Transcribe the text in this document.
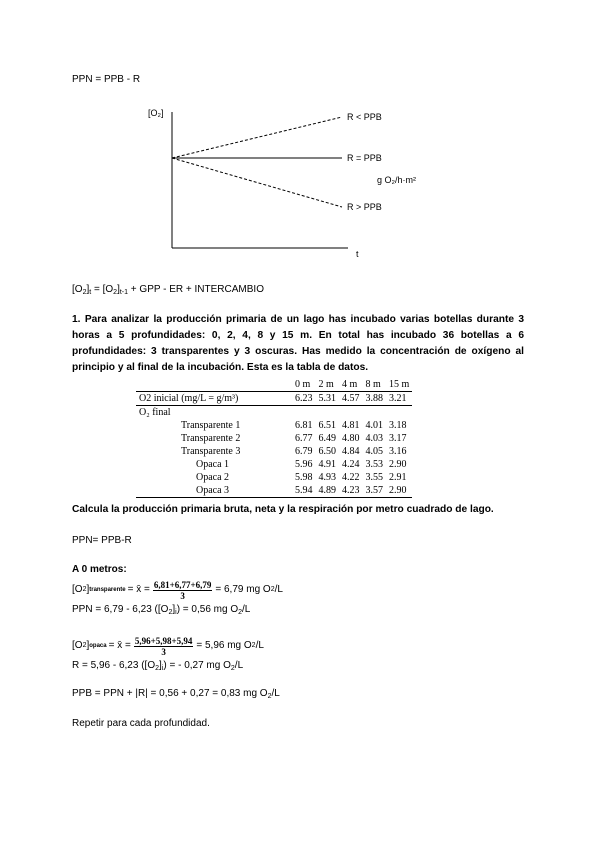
PPN = PPB - R
[O₂]
t
R < PPB
R = PPB
R > PPB
g O₂/h·m²
$[O_2]_t = [O_2]_{t-1}$ + GPP - ER + INTERCAMBIO
1. Para analizar la producción primaria de un lago has incubado varias botellas durante 3 horas a 5 profundidades: 0, 2, 4, 8 y 15 m. En total has incubado 36 botellas a 6 profundidades: 3 transparentes y 3 oscuras. Has medido la concentración de oxígeno al principio y al final de la incubación. Esta es la tabla de datos.
	0 m	2 m	4 m	8 m	15 m
O2 inicial (mg/L = g/m³)	6.23	5.31	4.57	3.88	3.21
O₂ final					
Transparente 1	6.81	6.51	4.81	4.01	3.18
Transparente 2	6.77	6.49	4.80	4.03	3.17
Transparente 3	6.79	6.50	4.84	4.05	3.16
Opaca 1	5.96	4.91	4.24	3.53	2.90
Opaca 2	5.98	4.93	4.22	3.55	2.91
Opaca 3	5.94	4.89	4.23	3.57	2.90
Calcula la producción primaria bruta, neta y la respiración por metro cuadrado de lago.
PPN= PPB-R
A 0 metros:
[O 2 ] transparente = x̄ = $\frac{6,81+6,77+6,79}{3} = 6,79$ mg O 2 /L
PPN = 6,79 - 6,23 $([O_2]_i) = 0,56$ mg $O_2/L$
[O 2 ] opaca = x̄ = $\frac{5,96+5,98+5,94}{3} = 5,96$ mg O 2 /L
R = 5,96 - 6,23 $([O_2]_i)$ = - 0,27 mg $O_2/L$
PPB = PPN + |R| = 0,56 + 0,27 = 0,83 mg $O_2/L$
Repetir para cada profundidad.
